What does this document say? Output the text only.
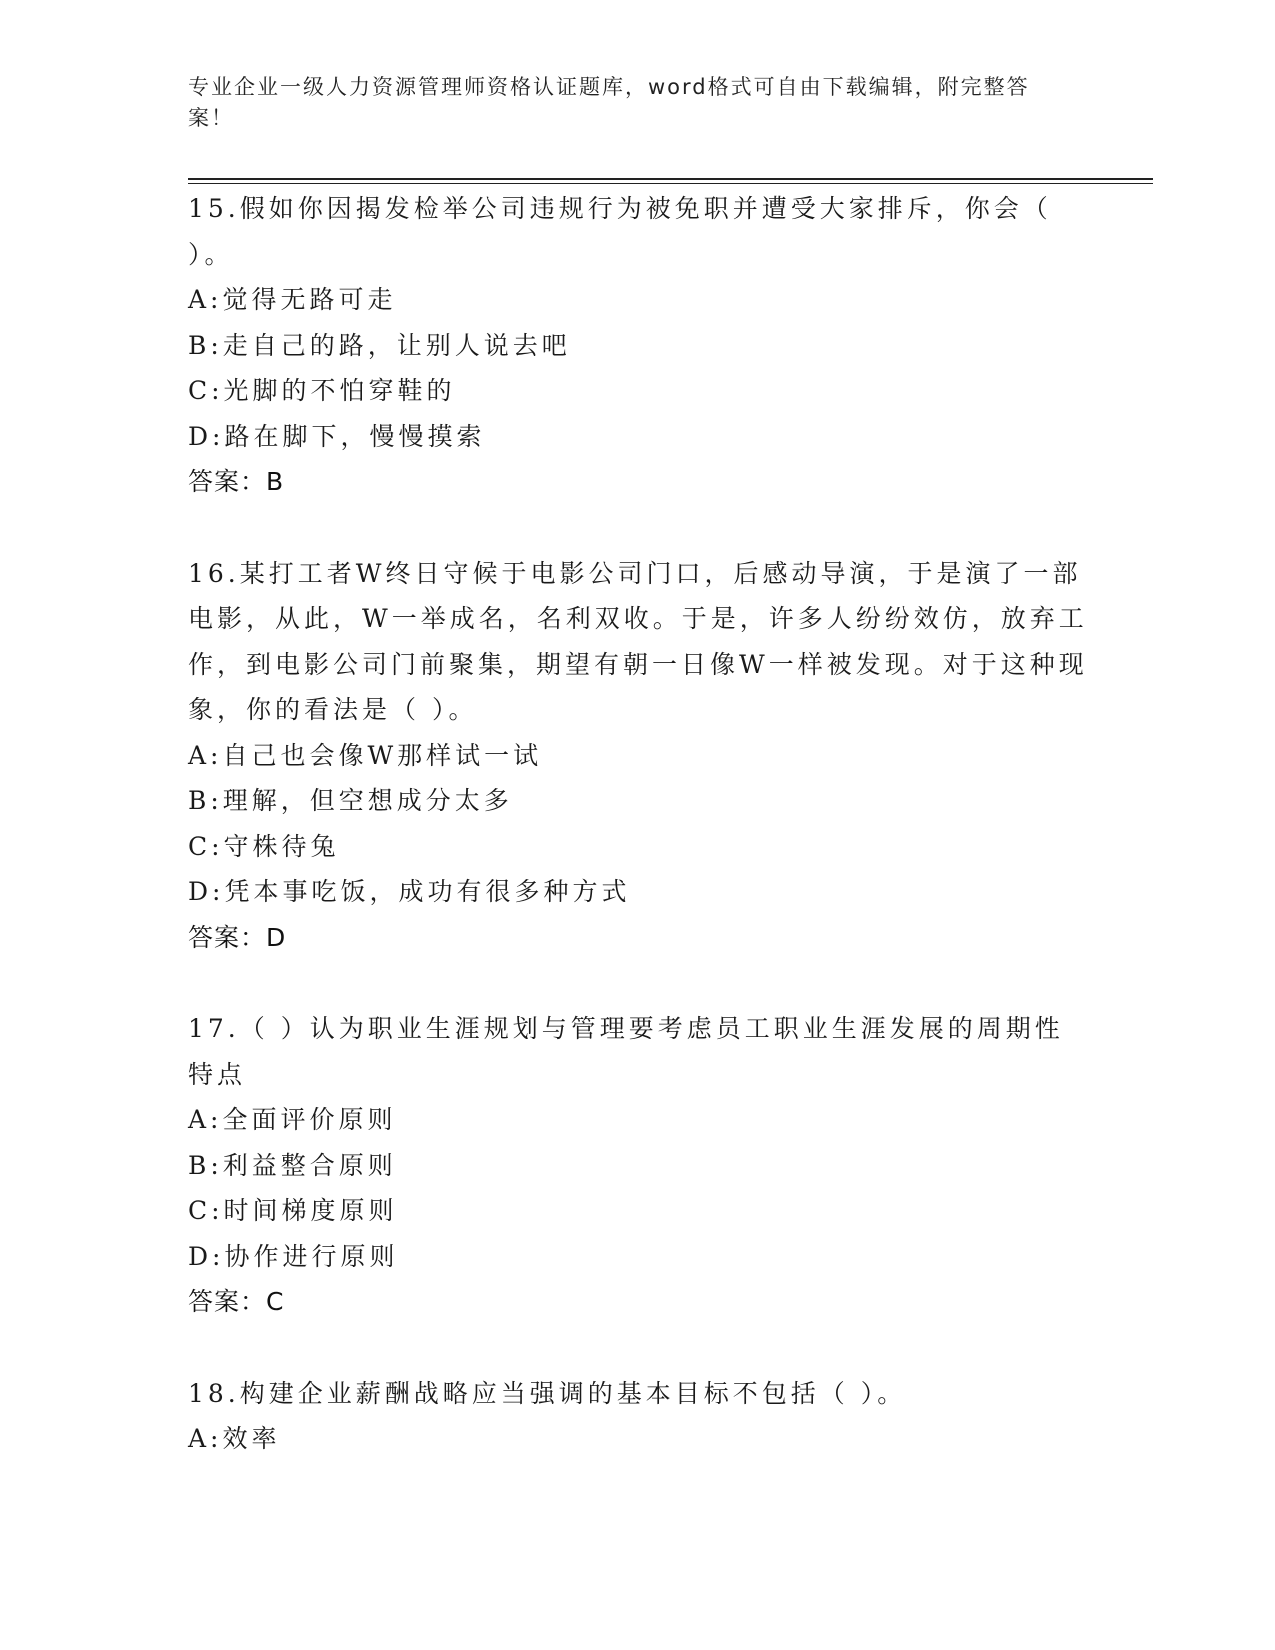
专业企业一级人力资源管理师资格认证题库，word格式可自由下载编辑，附完整答案！
15.假如你因揭发检举公司违规行为被免职并遭受大家排斥，你会（ ）。
A:觉得无路可走
B:走自己的路，让别人说去吧
C:光脚的不怕穿鞋的
D:路在脚下，慢慢摸索
答案：B
16.某打工者W终日守候于电影公司门口，后感动导演，于是演了一部电影，从此，W一举成名，名利双收。于是，许多人纷纷效仿，放弃工作，到电影公司门前聚集，期望有朝一日像W一样被发现。对于这种现象，你的看法是（ ）。
A:自己也会像W那样试一试
B:理解，但空想成分太多
C:守株待兔
D:凭本事吃饭，成功有很多种方式
答案：D
17.（ ）认为职业生涯规划与管理要考虑员工职业生涯发展的周期性特点
A:全面评价原则
B:利益整合原则
C:时间梯度原则
D:协作进行原则
答案：C
18.构建企业薪酬战略应当强调的基本目标不包括（ ）。
A:效率
